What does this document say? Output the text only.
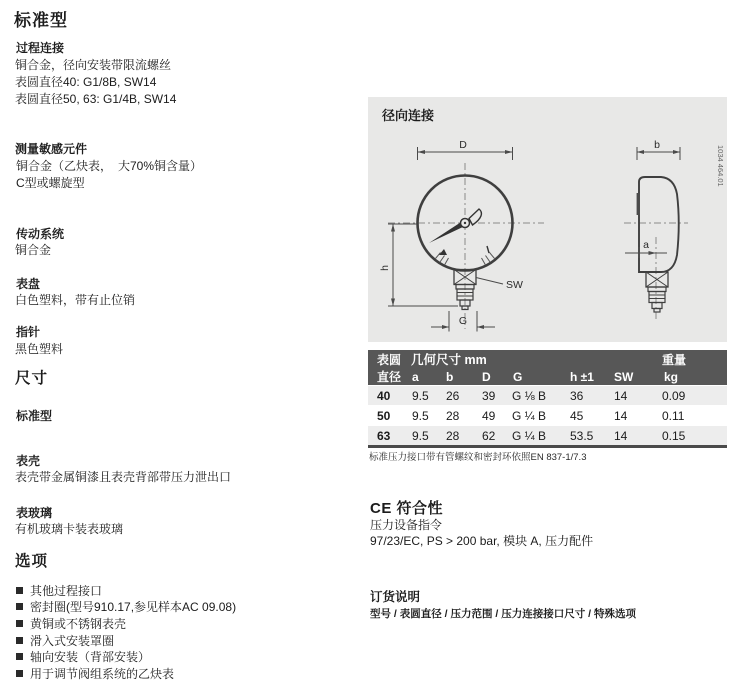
标准型
过程连接
铜合金，径向安装带限流螺丝
表圆直径40: G1/8B, SW14
表圆直径50, 63: G1/4B, SW14
测量敏感元件
铜合金（乙炔表，　大70%铜含量）
C型或螺旋型
传动系统
铜合金
表盘
白色塑料，带有止位销
指针
黑色塑料
尺寸
标准型
表壳
表壳带金属铜漆且表壳背部带压力泄出口
表玻璃
有机玻璃卡装表玻璃
选项
其他过程接口
密封圈(型号910.17,参见样本AC 09.08)
黄铜或不锈钢表壳
滑入式安装罩圈
轴向安装（背部安装）
用于调节阀组系统的乙炔表
径向连接
D	b
h
a
SW
G
1034 464.01
表圆 几何尺寸 mm	重量
直径 a	b	D	G	h ±1	SW	kg
40	9.5	26	39	G ⅛ B	36	14	0.09
50	9.5	28	49	G ¼ B	45	14	0.11
63	9.5	28	62	G ¼ B	53.5	14	0.15
标准压力接口带有管螺纹和密封环依照EN 837-1/7.3
CE 符合性
压力设备指令
97/23/EC, PS > 200 bar, 模块 A, 压力配件
订货说明
型号 / 表圆直径 / 压力范围 / 压力连接接口尺寸 / 特殊选项
